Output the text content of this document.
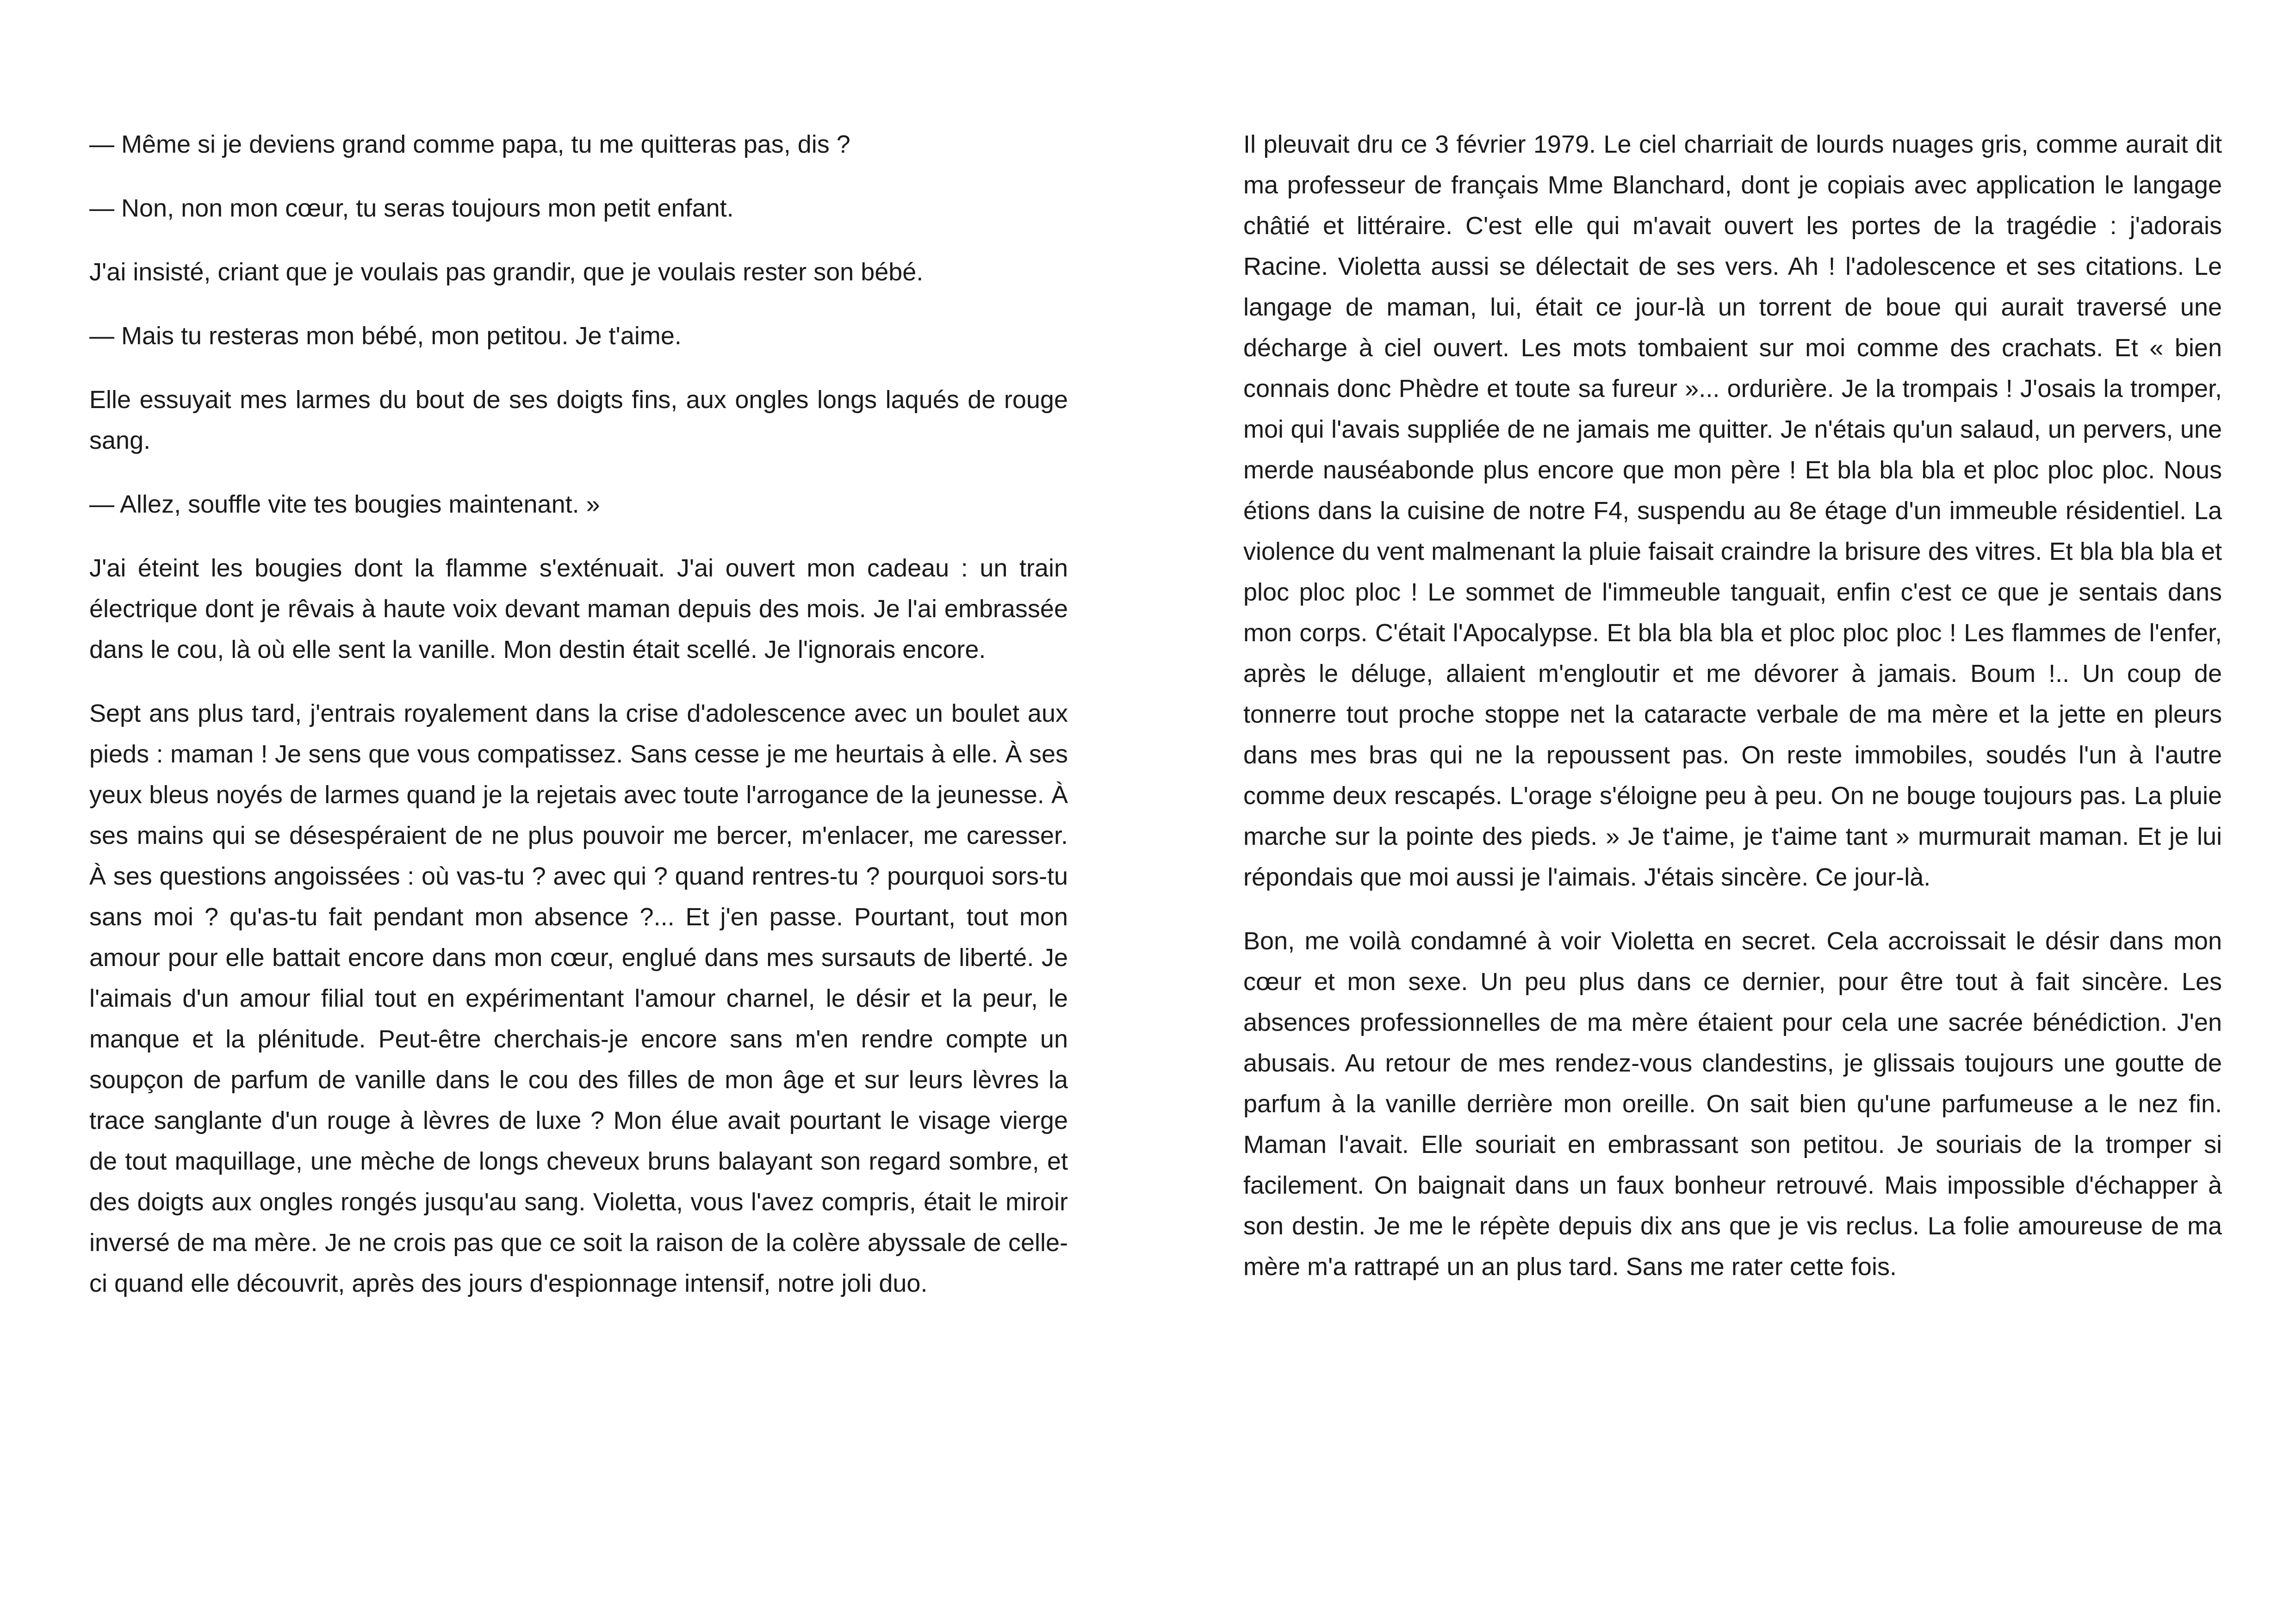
— Même si je deviens grand comme papa, tu me quitteras pas, dis ?

— Non, non mon cœur, tu seras toujours mon petit enfant.

J'ai insisté, criant que je voulais pas grandir, que je voulais rester son bébé.

— Mais tu resteras mon bébé, mon petitou. Je t'aime.

Elle essuyait mes larmes du bout de ses doigts fins, aux ongles longs laqués de rouge sang.

— Allez, souffle vite tes bougies maintenant. »

J'ai éteint les bougies dont la flamme s'exténuait. J'ai ouvert mon cadeau : un train électrique dont je rêvais à haute voix devant maman depuis des mois. Je l'ai embrassée dans le cou, là où elle sent la vanille. Mon destin était scellé. Je l'ignorais encore.

Sept ans plus tard, j'entrais royalement dans la crise d'adolescence avec un boulet aux pieds : maman ! Je sens que vous compatissez. Sans cesse je me heurtais à elle. À ses yeux bleus noyés de larmes quand je la rejetais avec toute l'arrogance de la jeunesse. À ses mains qui se désespéraient de ne plus pouvoir me bercer, m'enlacer, me caresser. À ses questions angoissées : où vas-tu ? avec qui ? quand rentres-tu ? pourquoi sors-tu sans moi ? qu'as-tu fait pendant mon absence ?... Et j'en passe. Pourtant, tout mon amour pour elle battait encore dans mon cœur, englué dans mes sursauts de liberté. Je l'aimais d'un amour filial tout en expérimentant l'amour charnel, le désir et la peur, le manque et la plénitude. Peut-être cherchais-je encore sans m'en rendre compte un soupçon de parfum de vanille dans le cou des filles de mon âge et sur leurs lèvres la trace sanglante d'un rouge à lèvres de luxe ? Mon élue avait pourtant le visage vierge de tout maquillage, une mèche de longs cheveux bruns balayant son regard sombre, et des doigts aux ongles rongés jusqu'au sang. Violetta, vous l'avez compris, était le miroir inversé de ma mère. Je ne crois pas que ce soit la raison de la colère abyssale de celle-ci quand elle découvrit, après des jours d'espionnage intensif, notre joli duo.

Il pleuvait dru ce 3 février 1979. Le ciel charriait de lourds nuages gris, comme aurait dit ma professeur de français Mme Blanchard, dont je copiais avec application le langage châtié et littéraire. C'est elle qui m'avait ouvert les portes de la tragédie : j'adorais Racine. Violetta aussi se délectait de ses vers. Ah ! l'adolescence et ses citations. Le langage de maman, lui, était ce jour-là un torrent de boue qui aurait traversé une décharge à ciel ouvert. Les mots tombaient sur moi comme des crachats. Et « bien connais donc Phèdre et toute sa fureur »... ordurière. Je la trompais ! J'osais la tromper, moi qui l'avais suppliée de ne jamais me quitter. Je n'étais qu'un salaud, un pervers, une merde nauséabonde plus encore que mon père ! Et bla bla bla et ploc ploc ploc. Nous étions dans la cuisine de notre F4, suspendu au 8e étage d'un immeuble résidentiel. La violence du vent malmenant la pluie faisait craindre la brisure des vitres. Et bla bla bla et ploc ploc ploc ! Le sommet de l'immeuble tanguait, enfin c'est ce que je sentais dans mon corps. C'était l'Apocalypse. Et bla bla bla et ploc ploc ploc ! Les flammes de l'enfer, après le déluge, allaient m'engloutir et me dévorer à jamais. Boum !.. Un coup de tonnerre tout proche stoppe net la cataracte verbale de ma mère et la jette en pleurs dans mes bras qui ne la repoussent pas. On reste immobiles, soudés l'un à l'autre comme deux rescapés. L'orage s'éloigne peu à peu. On ne bouge toujours pas. La pluie marche sur la pointe des pieds. » Je t'aime, je t'aime tant » murmurait maman. Et je lui répondais que moi aussi je l'aimais. J'étais sincère. Ce jour-là.

Bon, me voilà condamné à voir Violetta en secret. Cela accroissait le désir dans mon cœur et mon sexe. Un peu plus dans ce dernier, pour être tout à fait sincère. Les absences professionnelles de ma mère étaient pour cela une sacrée bénédiction. J'en abusais. Au retour de mes rendez-vous clandestins, je glissais toujours une goutte de parfum à la vanille derrière mon oreille. On sait bien qu'une parfumeuse a le nez fin. Maman l'avait. Elle souriait en embrassant son petitou. Je souriais de la tromper si facilement. On baignait dans un faux bonheur retrouvé. Mais impossible d'échapper à son destin. Je me le répète depuis dix ans que je vis reclus. La folie amoureuse de ma mère m'a rattrapé un an plus tard. Sans me rater cette fois.
